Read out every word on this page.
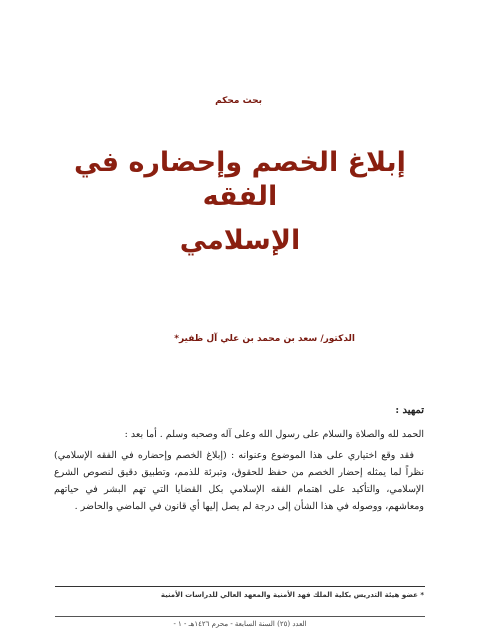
بحث محكم
إبلاغ الخصم وإحضاره في الفقه
الإسلامي
الدكتور/ سعد بن محمد بن علي آل ظفير*
تمهيد :
الحمد لله والصلاة والسلام على رسول الله وعلى آله وصحبه وسلم . أما بعد :
فقد وقع اختياري على هذا الموضوع وعنوانه : (إبلاغ الخصم وإحضاره في الفقه الإسلامي) نظراً لما يمثله إحضار الخصم من حفظ للحقوق، وتبرئة للذمم، وتطبيق دقيق لنصوص الشرع الإسلامي، والتأكيد على اهتمام الفقه الإسلامي بكل القضايا التي تهم البشر في حياتهم ومعاشهم، ووصوله في هذا الشأن إلى درجة لم يصل إليها أي قانون في الماضي والحاضر .
* عضو هيئة التدريس بكلية الملك فهد الأمنية والمعهد العالي للدراسات الأمنية
العدد (٢٥) السنة السابعة - محرم ١٤٢٦هـ - ١ -
